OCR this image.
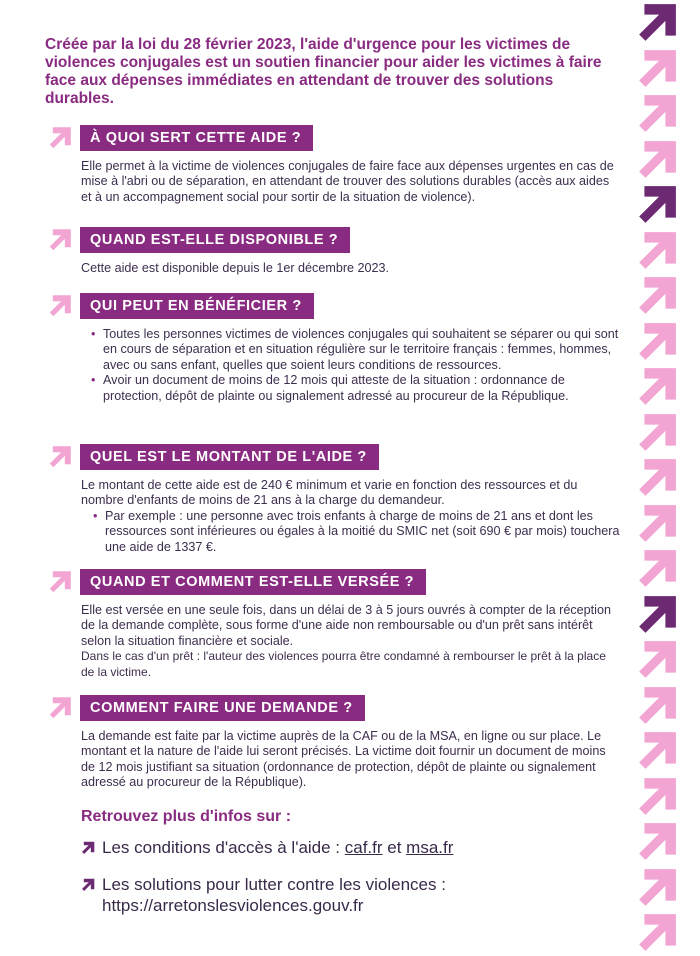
Créée par la loi du 28 février 2023, l'aide d'urgence pour les victimes de violences conjugales est un soutien financier pour aider les victimes à faire face aux dépenses immédiates en attendant de trouver des solutions durables.
À QUOI SERT CETTE AIDE ?

Elle permet à la victime de violences conjugales de faire face aux dépenses urgentes en cas de mise à l'abri ou de séparation, en attendant de trouver des solutions durables (accès aux aides et à un accompagnement social pour sortir de la situation de violence).

QUAND EST-ELLE DISPONIBLE ?

Cette aide est disponible depuis le 1er décembre 2023.

QUI PEUT EN BÉNÉFICIER ?
• Toutes les personnes victimes de violences conjugales qui souhaitent se séparer ou qui sont en cours de séparation et en situation régulière sur le territoire français : femmes, hommes, avec ou sans enfant, quelles que soient leurs conditions de ressources.
• Avoir un document de moins de 12 mois qui atteste de la situation : ordonnance de protection, dépôt de plainte ou signalement adressé au procureur de la République.
QUEL EST LE MONTANT DE L'AIDE ?

Le montant de cette aide est de 240 € minimum et varie en fonction des ressources et du nombre d'enfants de moins de 21 ans à la charge du demandeur.

• Par exemple : une personne avec trois enfants à charge de moins de 21 ans et dont les ressources sont inférieures ou égales à la moitié du SMIC net (soit 690 € par mois) touchera une aide de 1337 €.
QUAND ET COMMENT EST-ELLE VERSÉE ?

Elle est versée en une seule fois, dans un délai de 3 à 5 jours ouvrés à compter de la réception de la demande complète, sous forme d'une aide non remboursable ou d'un prêt sans intérêt selon la situation financière et sociale.

Dans le cas d'un prêt : l'auteur des violences pourra être condamné à rembourser le prêt à la place de la victime.

COMMENT FAIRE UNE DEMANDE ?

La demande est faite par la victime auprès de la CAF ou de la MSA, en ligne ou sur place. Le montant et la nature de l'aide lui seront précisés. La victime doit fournir un document de moins de 12 mois justifiant sa situation (ordonnance de protection, dépôt de plainte ou signalement adressé au procureur de la République).

Retrouvez plus d'infos sur :
Les conditions d'accès à l'aide : caf.fr et msa.fr
Les solutions pour lutter contre les violences : https://arretonslesviolences.gouv.fr
